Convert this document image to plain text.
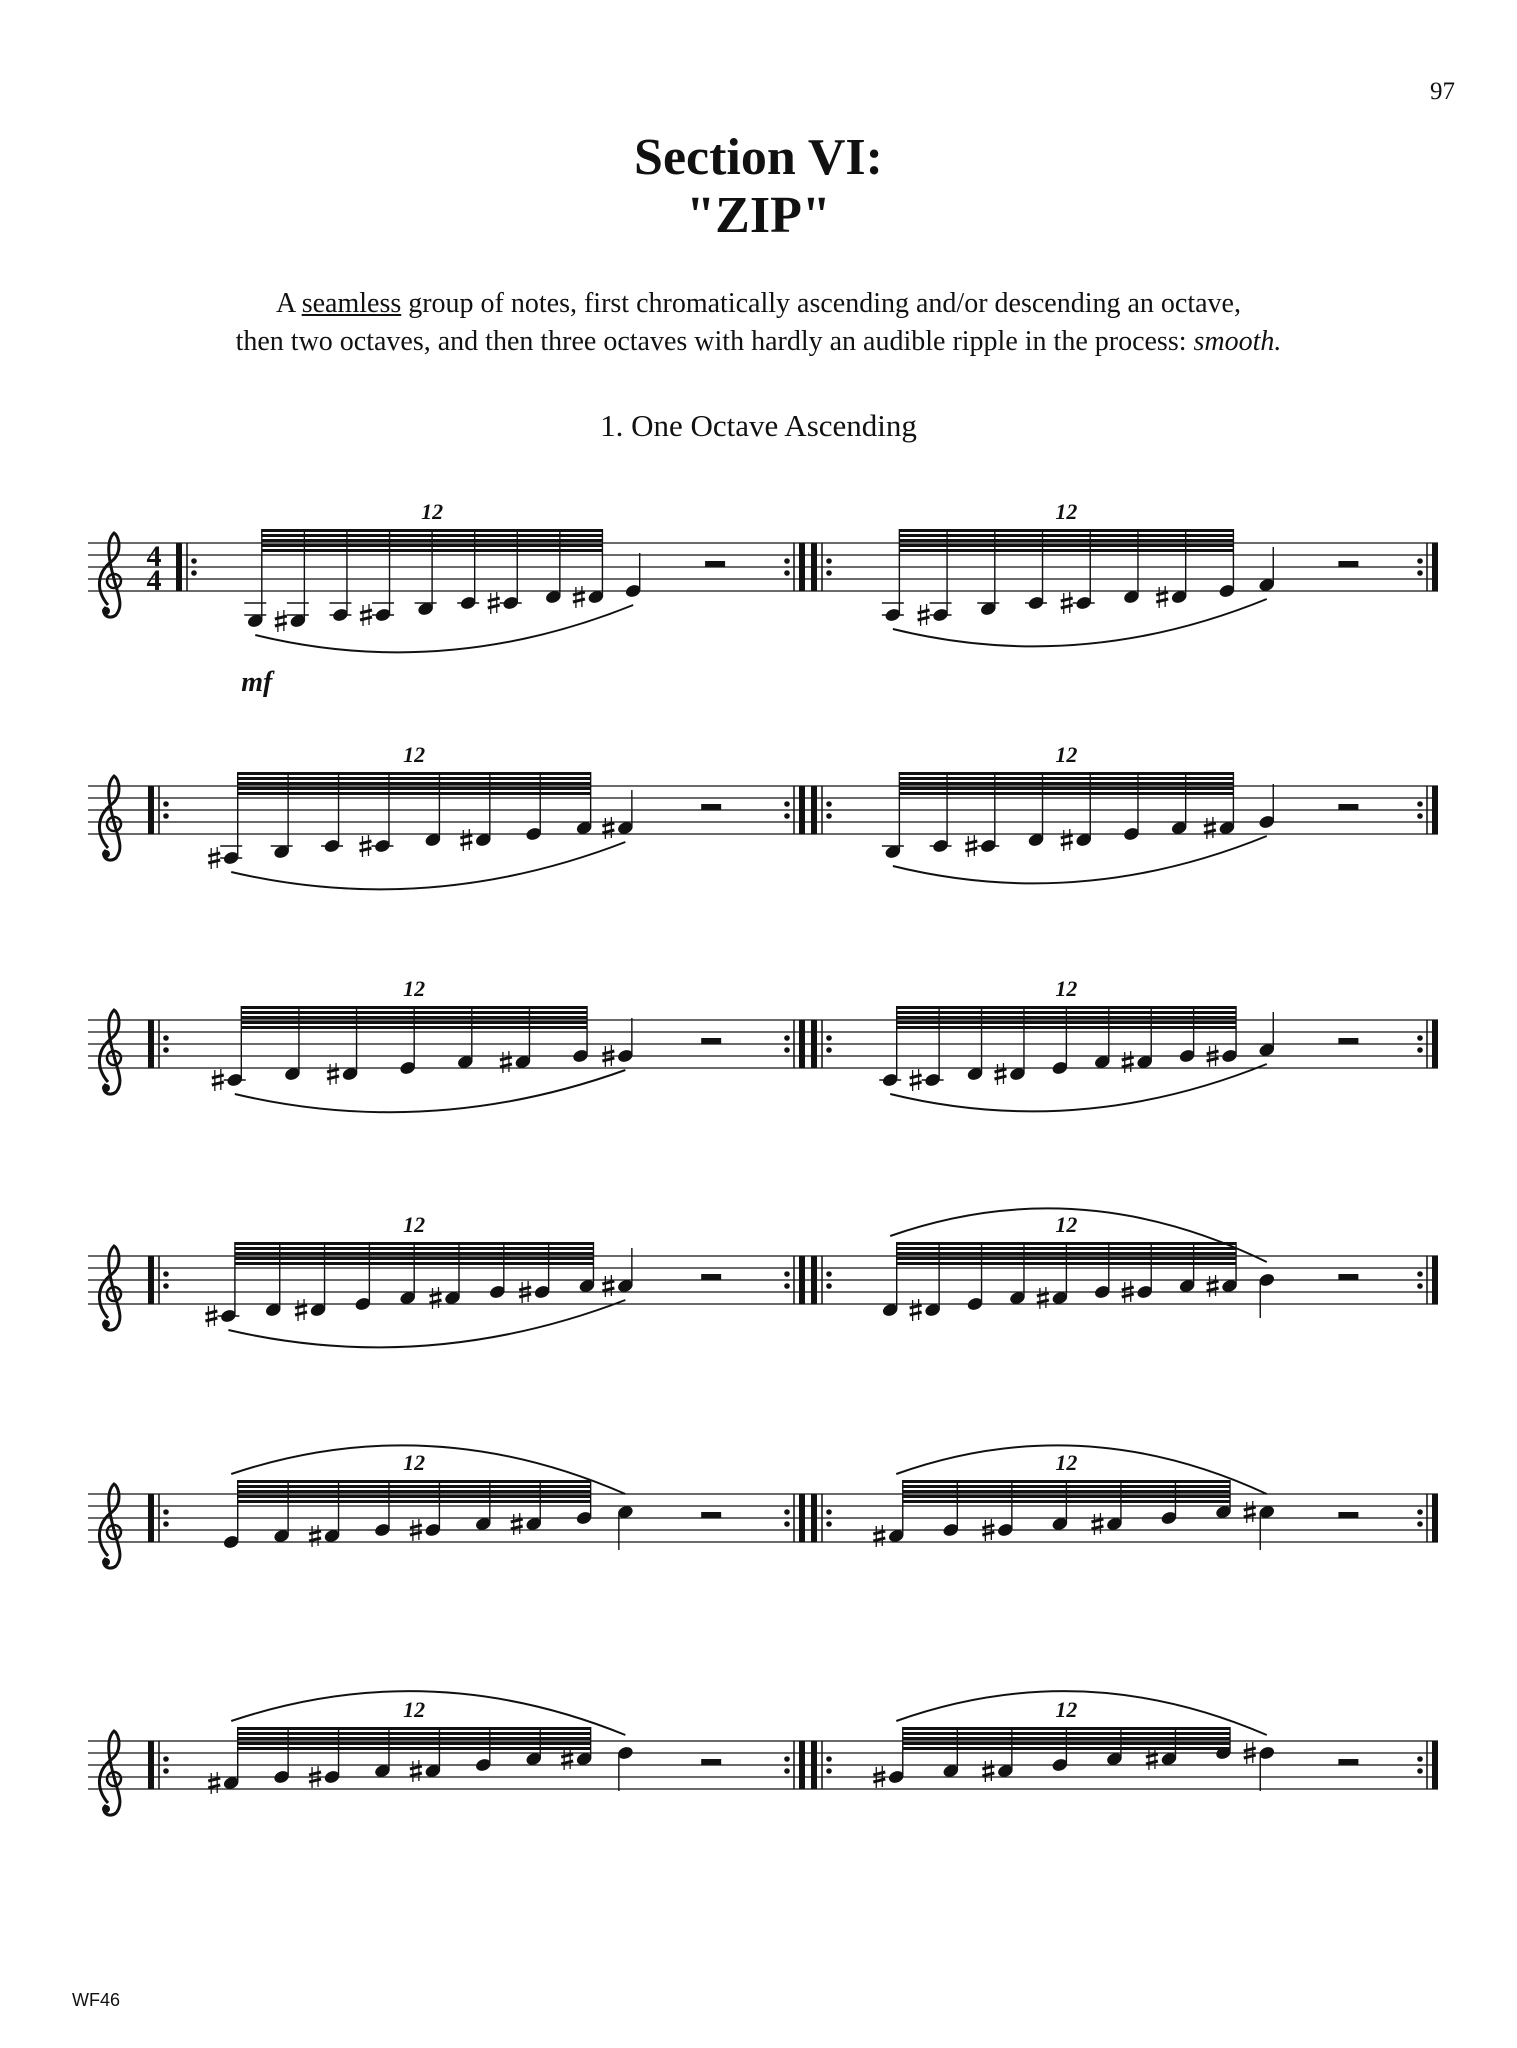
97
Section VI:
"ZIP"
A seamless group of notes, first chromatically ascending and/or descending an octave,
then two octaves, and then three octaves with hardly an audible ripple in the process: smooth.
1. One Octave Ascending
4
4
12
mf
12
12	12
12	12
12	12
12	12
12	12
WF46
